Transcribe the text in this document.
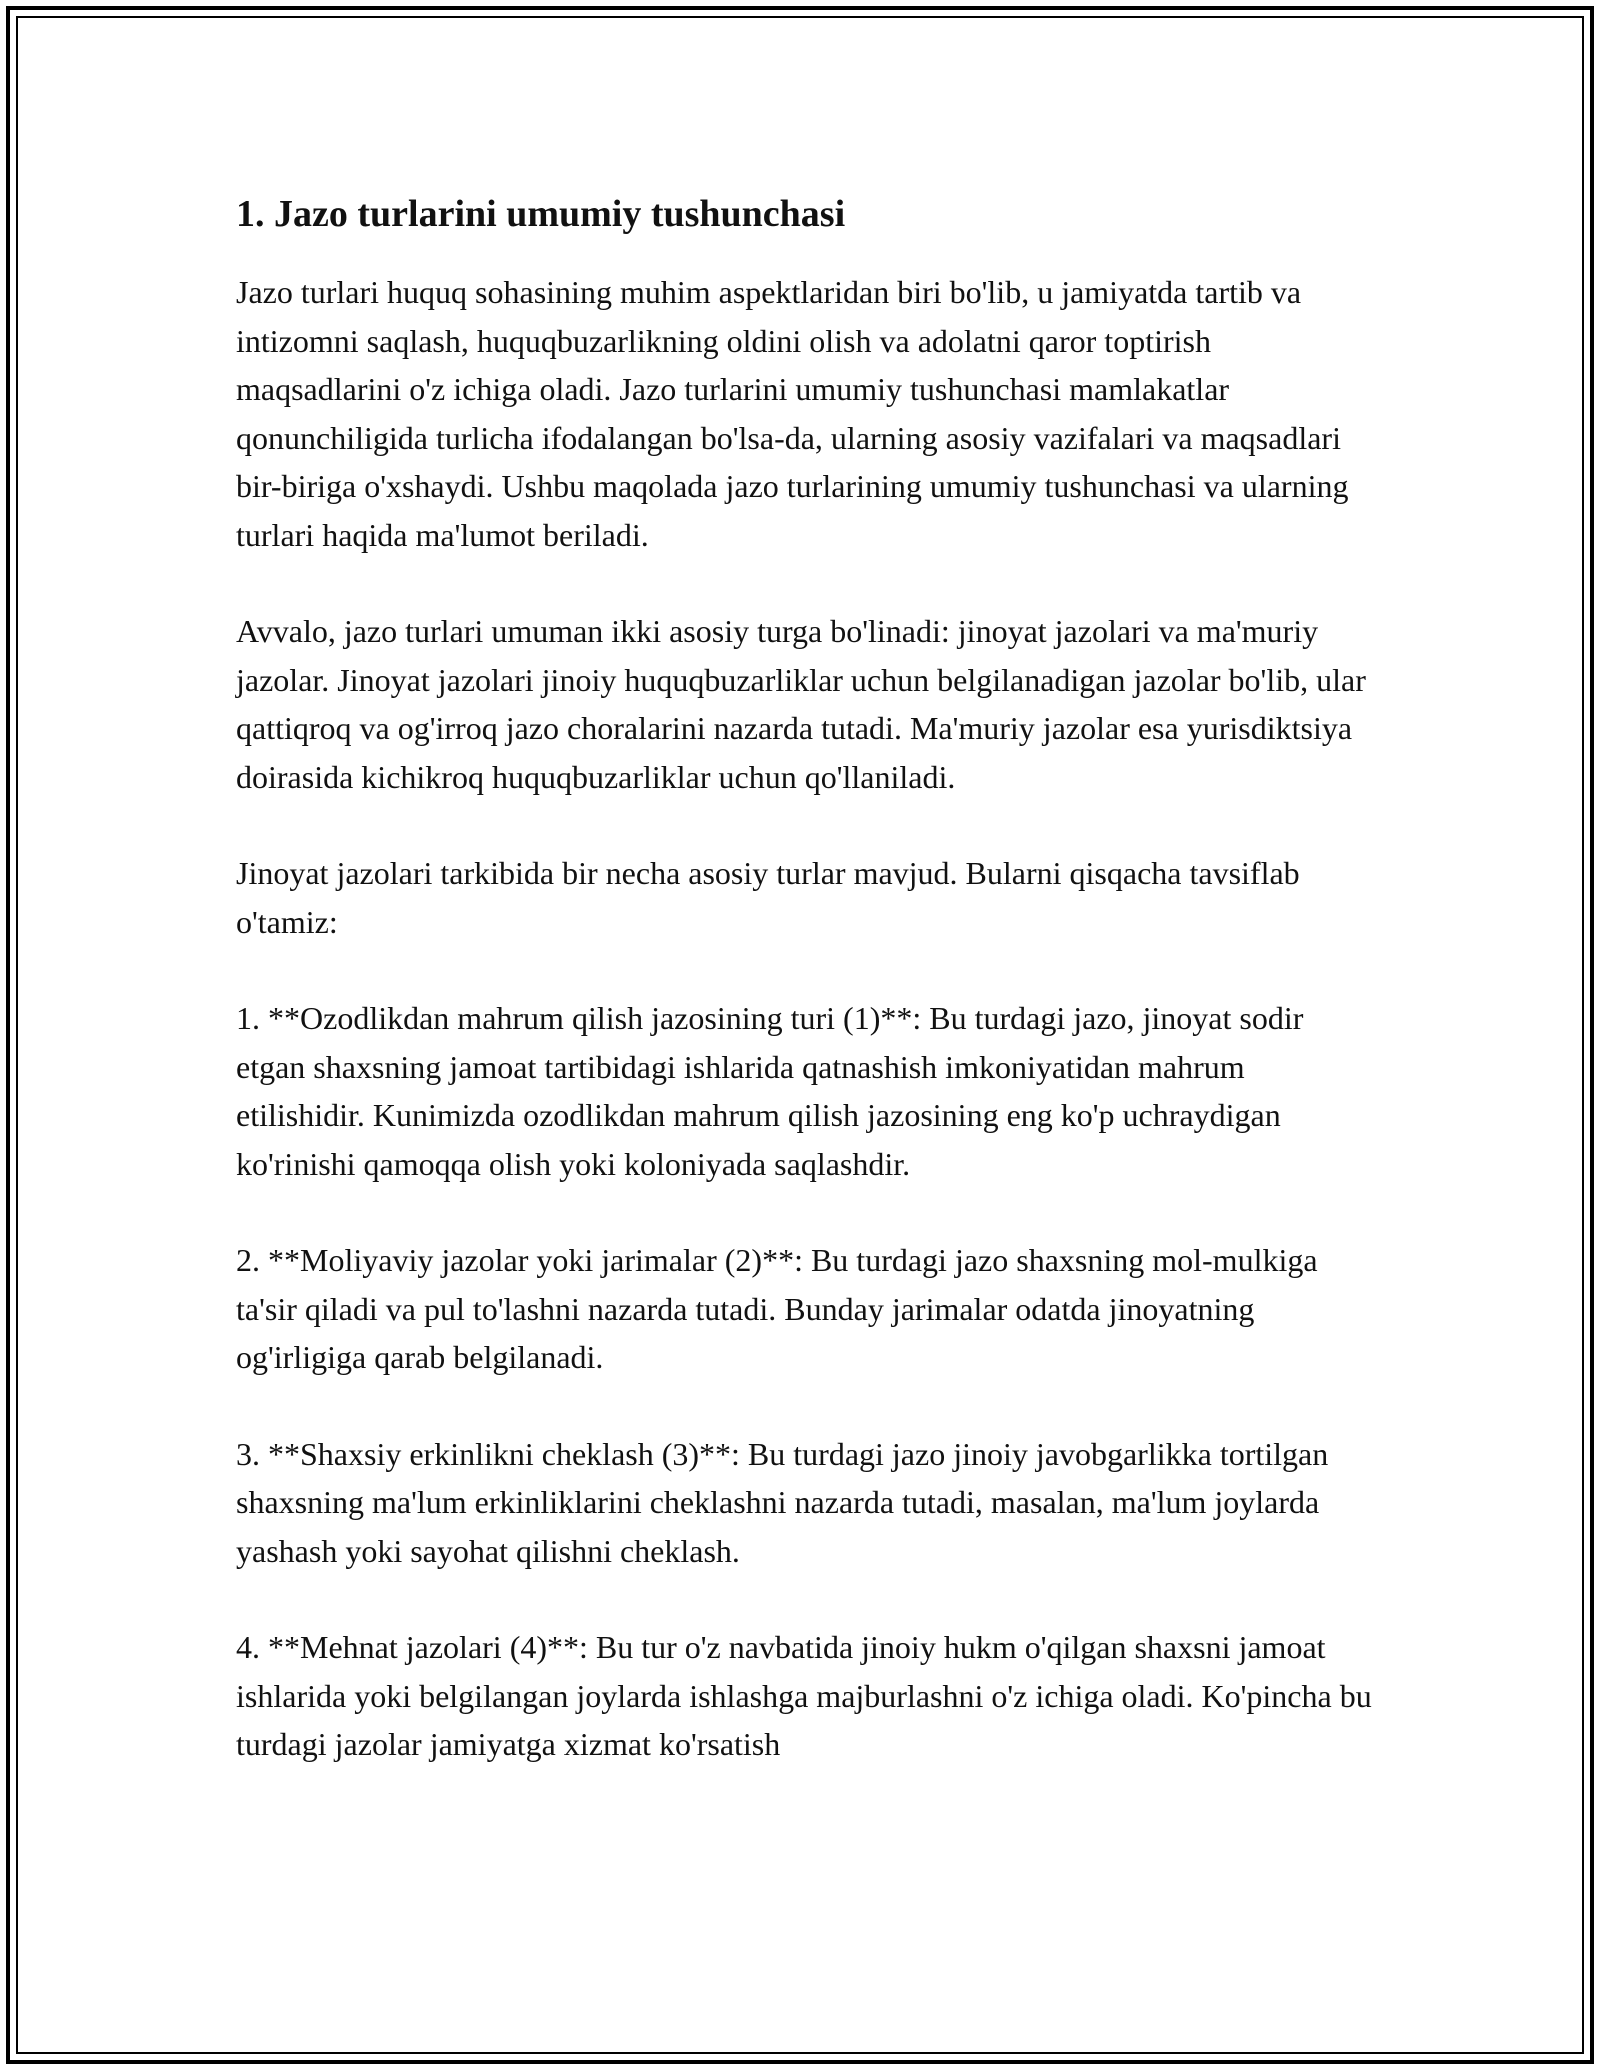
1. Jazo turlarini umumiy tushunchasi

Jazo turlari huquq sohasining muhim aspektlaridan biri bo'lib, u jamiyatda tartib va intizomni saqlash, huquqbuzarlikning oldini olish va adolatni qaror toptirish maqsadlarini o'z ichiga oladi. Jazo turlarini umumiy tushunchasi mamlakatlar qonunchiligida turlicha ifodalangan bo'lsa-da, ularning asosiy vazifalari va maqsadlari bir-biriga o'xshaydi. Ushbu maqolada jazo turlarining umumiy tushunchasi va ularning turlari haqida ma'lumot beriladi.

Avvalo, jazo turlari umuman ikki asosiy turga bo'linadi: jinoyat jazolari va ma'muriy jazolar. Jinoyat jazolari jinoiy huquqbuzarliklar uchun belgilanadigan jazolar bo'lib, ular qattiqroq va og'irroq jazo choralarini nazarda tutadi. Ma'muriy jazolar esa yurisdiktsiya doirasida kichikroq huquqbuzarliklar uchun qo'llaniladi.

Jinoyat jazolari tarkibida bir necha asosiy turlar mavjud. Bularni qisqacha tavsiflab o'tamiz:

1. **Ozodlikdan mahrum qilish jazosining turi (1)**: Bu turdagi jazo, jinoyat sodir etgan shaxsning jamoat tartibidagi ishlarida qatnashish imkoniyatidan mahrum etilishidir. Kunimizda ozodlikdan mahrum qilish jazosining eng ko'p uchraydigan ko'rinishi qamoqqa olish yoki koloniyada saqlashdir.

2. **Moliyaviy jazolar yoki jarimalar (2)**: Bu turdagi jazo shaxsning mol-mulkiga ta'sir qiladi va pul to'lashni nazarda tutadi. Bunday jarimalar odatda jinoyatning og'irligiga qarab belgilanadi.

3. **Shaxsiy erkinlikni cheklash (3)**: Bu turdagi jazo jinoiy javobgarlikka tortilgan shaxsning ma'lum erkinliklarini cheklashni nazarda tutadi, masalan, ma'lum joylarda yashash yoki sayohat qilishni cheklash.

4. **Mehnat jazolari (4)**: Bu tur o'z navbatida jinoiy hukm o'qilgan shaxsni jamoat ishlarida yoki belgilangan joylarda ishlashga majburlashni o'z ichiga oladi. Ko'pincha bu turdagi jazolar jamiyatga xizmat ko'rsatish
